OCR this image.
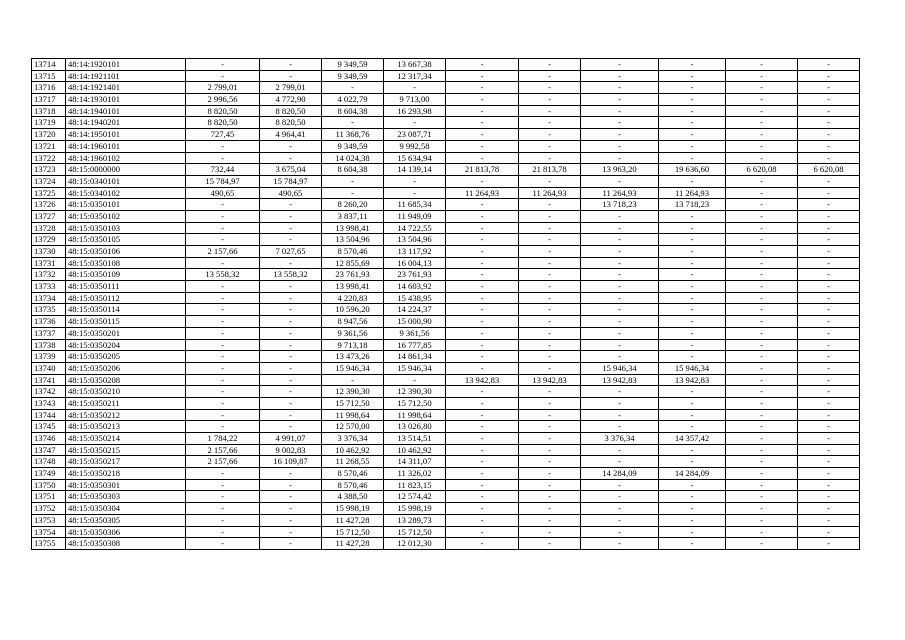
13714	48:14:1920101	-	-	9 349,59	13 667,38	-	-	-	-	-	-
13715	48:14:1921101	-	-	9 349,59	12 317,34	-	-	-	-	-	-
13716	48:14:1921401	2 799,01	2 799,01	-	-	-	-	-	-	-	-
13717	48:14:1930101	2 996,56	4 772,90	4 022,79	9 713,00	-	-	-	-	-	-
13718	48:14:1940101	8 820,50	8 820,50	8 604,38	16 293,98	-	-	-	-	-	-
13719	48:14:1940201	8 820,50	8 820,50	-	-	-	-	-	-	-	-
13720	48:14:1950101	727,45	4 964,41	11 368,76	23 087,71	-	-	-	-	-	-
13721	48:14:1960101	-	-	9 349,59	9 992,58	-	-	-	-	-	-
13722	48:14:1960102	-	-	14 024,38	15 634,94	-	-	-	-	-	-
13723	48:15:0000000	732,44	3 675,04	8 604,38	14 139,14	21 813,78	21 813,78	13 963,20	19 636,60	6 620,08	6 620,08
13724	48:15:0340101	15 784,97	15 784,97	-	-	-	-	-	-	-	-
13725	48:15:0340102	490,65	490,65	-	-	11 264,93	11 264,93	11 264,93	11 264,93	-	-
13726	48:15:0350101	-	-	8 260,20	11 685,34	-	-	13 718,23	13 718,23	-	-
13727	48:15:0350102	-	-	3 837,11	11 949,09	-	-	-	-	-	-
13728	48:15:0350103	-	-	13 998,41	14 722,55	-	-	-	-	-	-
13729	48:15:0350105	-	-	13 504,96	13 504,96	-	-	-	-	-	-
13730	48:15:0350106	2 157,66	7 027,65	8 570,46	13 117,92	-	-	-	-	-	-
13731	48:15:0350108	-	-	12 855,69	16 004,13	-	-	-	-	-	-
13732	48:15:0350109	13 558,32	13 558,32	23 761,93	23 761,93	-	-	-	-	-	-
13733	48:15:0350111	-	-	13 998,41	14 603,92	-	-	-	-	-	-
13734	48:15:0350112	-	-	4 220,83	15 438,95	-	-	-	-	-	-
13735	48:15:0350114	-	-	10 596,20	14 224,37	-	-	-	-	-	-
13736	48:15:0350115	-	-	8 947,56	15 000,90	-	-	-	-	-	-
13737	48:15:0350201	-	-	9 361,56	9 361,56	-	-	-	-	-	-
13738	48:15:0350204	-	-	9 713,18	16 777,85	-	-	-	-	-	-
13739	48:15:0350205	-	-	13 473,26	14 861,34	-	-	-	-	-	-
13740	48:15:0350206	-	-	15 946,34	15 946,34	-	-	15 946,34	15 946,34	-	-
13741	48:15:0350208	-	-	-	-	13 942,83	13 942,83	13 942,83	13 942,83	-	-
13742	48:15:0350210	-	-	12 390,30	12 390,30	-	-	-	-	-	-
13743	48:15:0350211	-	-	15 712,50	15 712,50	-	-	-	-	-	-
13744	48:15:0350212	-	-	11 998,64	11 998,64	-	-	-	-	-	-
13745	48:15:0350213	-	-	12 570,00	13 026,80	-	-	-	-	-	-
13746	48:15:0350214	1 784,22	4 991,07	3 376,34	13 514,51	-	-	3 376,34	14 357,42	-	-
13747	48:15:0350215	2 157,66	9 002,83	10 462,92	10 462,92	-	-	-	-	-	-
13748	48:15:0350217	2 157,66	16 109,87	11 268,55	14 311,07	-	-	-	-	-	-
13749	48:15:0350218	-	-	8 570,46	11 326,02	-	-	14 284,09	14 284,09	-	-
13750	48:15:0350301	-	-	8 570,46	11 823,15	-	-	-	-	-	-
13751	48:15:0350303	-	-	4 388,50	12 574,42	-	-	-	-	-	-
13752	48:15:0350304	-	-	15 998,19	15 998,19	-	-	-	-	-	-
13753	48:15:0350305	-	-	11 427,28	13 289,73	-	-	-	-	-	-
13754	48:15:0350306	-	-	15 712,50	15 712,50	-	-	-	-	-	-
13755	48:15:0350308	-	-	11 427,28	12 012,30	-	-	-	-	-	-
